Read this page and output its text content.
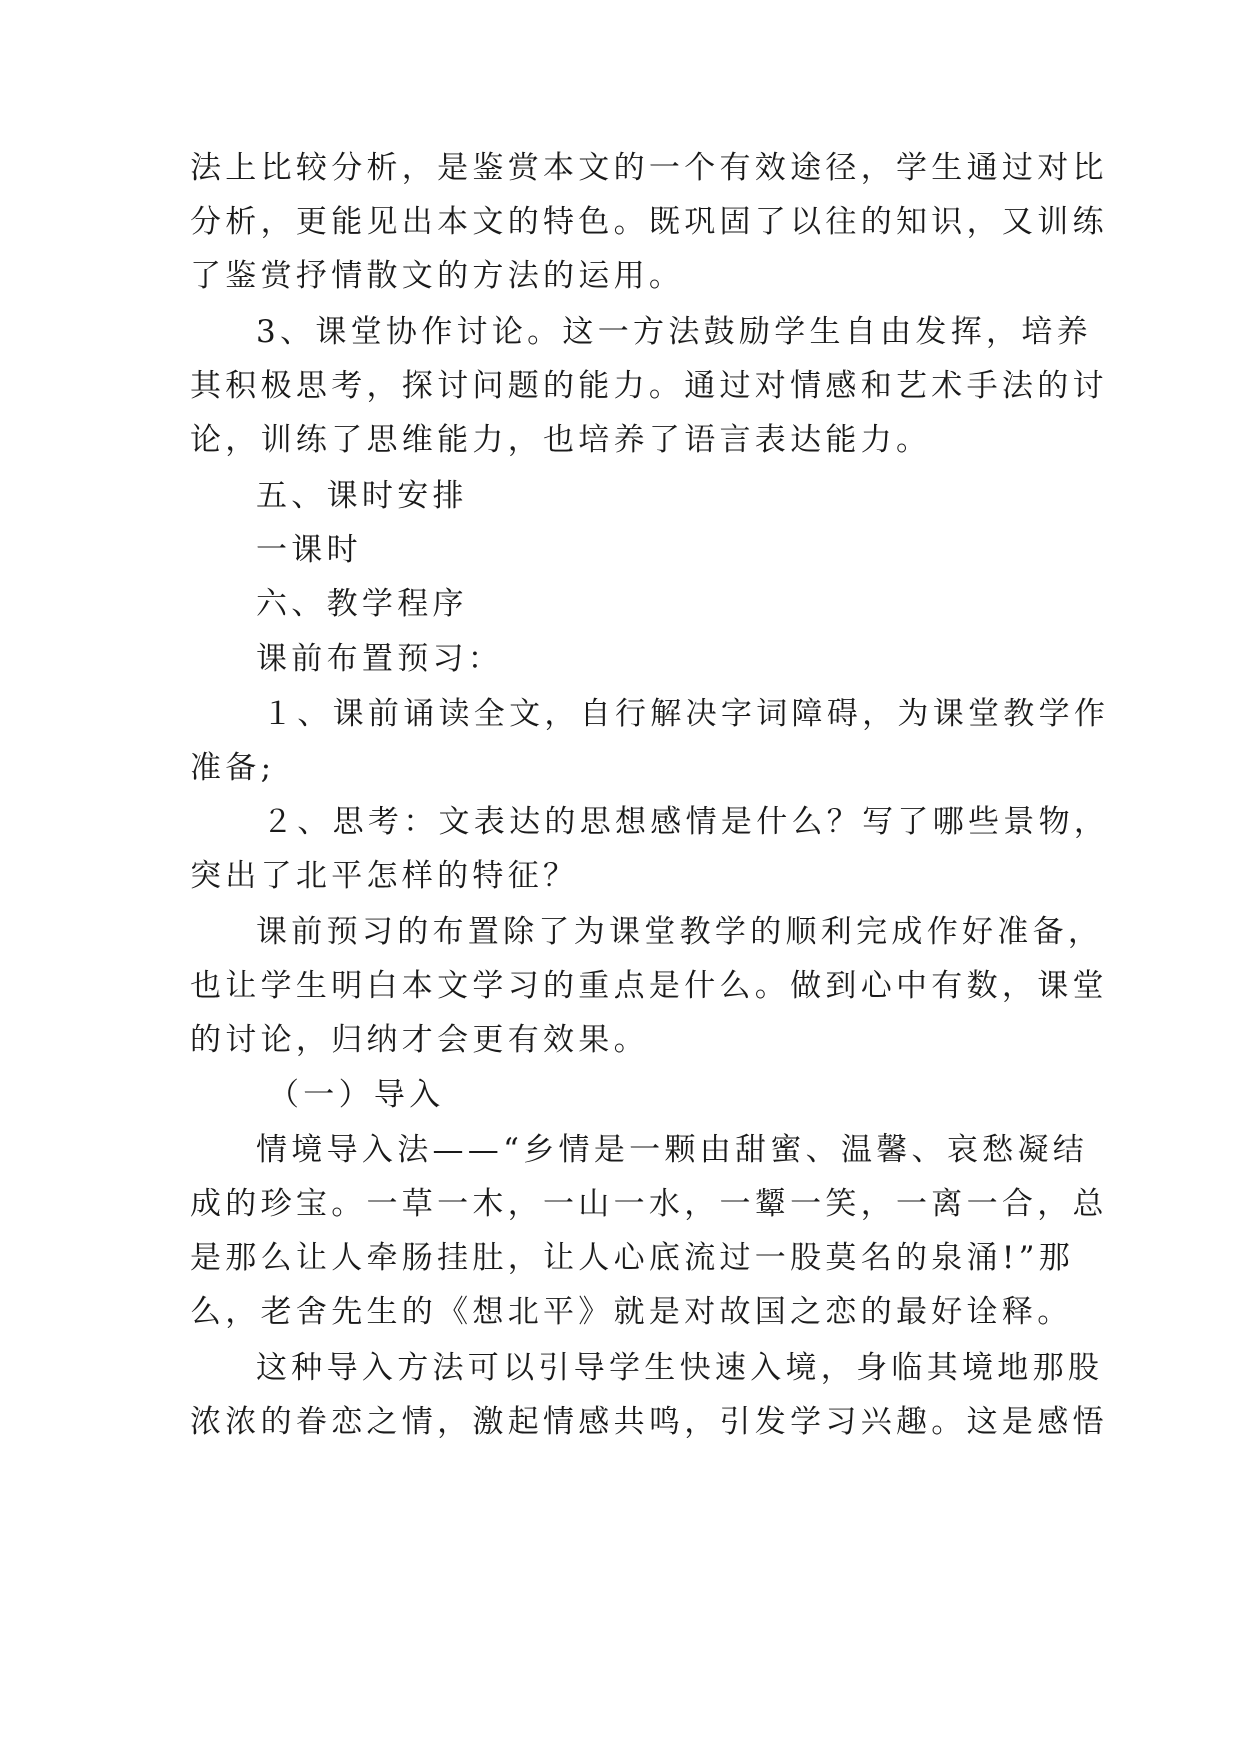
法上比较分析，是鉴赏本文的一个有效途径，学生通过对比
分析，更能见出本文的特色。既巩固了以往的知识，又训练
了鉴赏抒情散文的方法的运用。
3、课堂协作讨论。这一方法鼓励学生自由发挥，培养
其积极思考，探讨问题的能力。通过对情感和艺术手法的讨
论，训练了思维能力，也培养了语言表达能力。
五、课时安排
一课时
六、教学程序
课前布置预习：
１、课前诵读全文，自行解决字词障碍，为课堂教学作
准备;
２、思考：文表达的思想感情是什么？写了哪些景物，
突出了北平怎样的特征？
课前预习的布置除了为课堂教学的顺利完成作好准备，
也让学生明白本文学习的重点是什么。做到心中有数，课堂
的讨论，归纳才会更有效果。
（一）导入
情境导入法——“乡情是一颗由甜蜜、温馨、哀愁凝结
成的珍宝。一草一木，一山一水，一颦一笑，一离一合，总
是那么让人牵肠挂肚，让人心底流过一股莫名的泉涌!”那
么，老舍先生的《想北平》就是对故国之恋的最好诠释。
这种导入方法可以引导学生快速入境，身临其境地那股
浓浓的眷恋之情，激起情感共鸣，引发学习兴趣。这是感悟
